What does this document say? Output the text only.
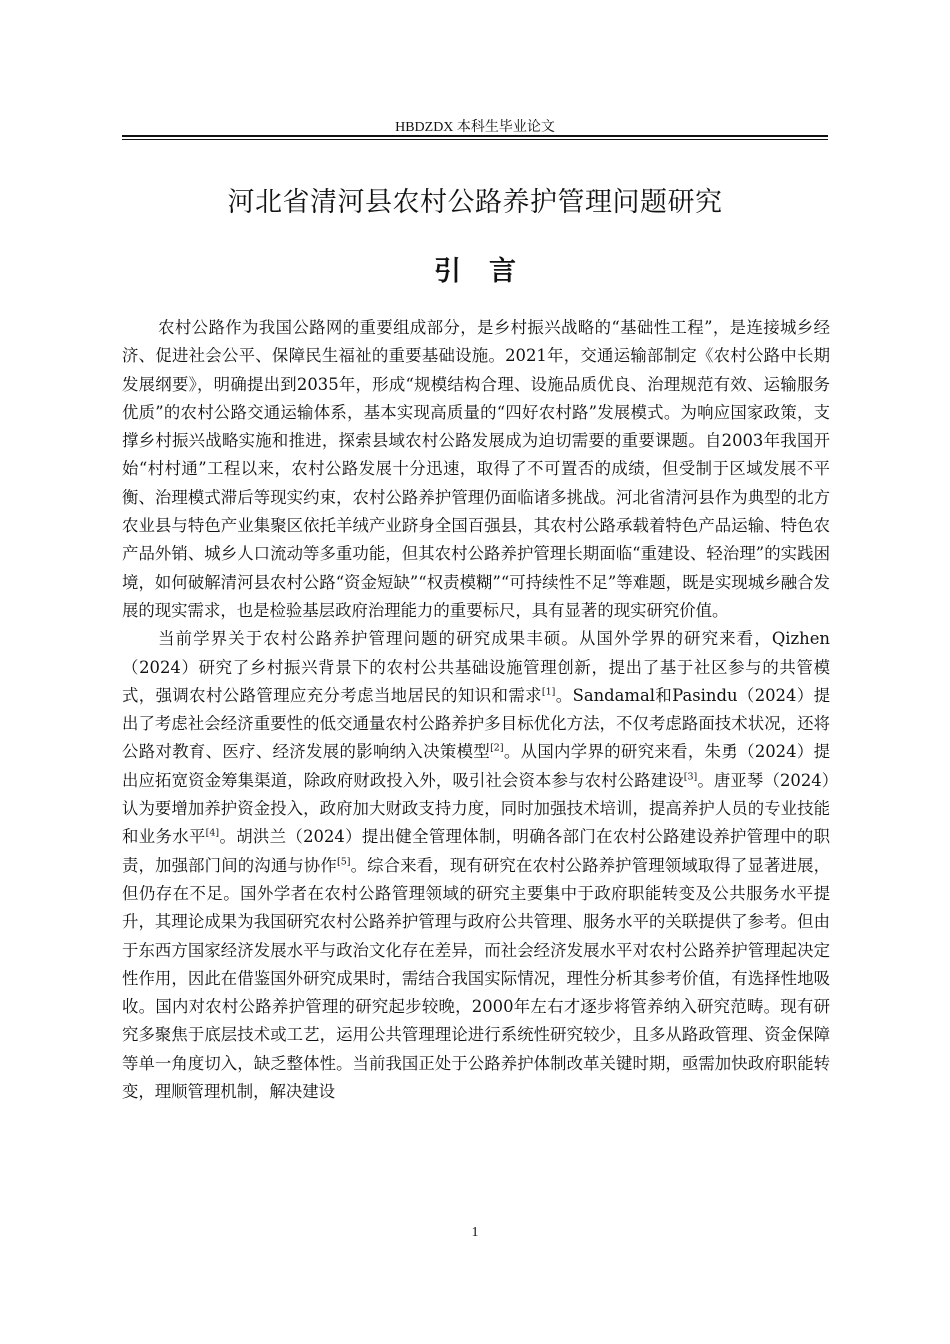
HBDZDX 本科生毕业论文
河北省清河县农村公路养护管理问题研究
引言

农村公路作为我国公路网的重要组成部分，是乡村振兴战略的“基础性工程”，是连接城乡经济、促进社会公平、保障民生福祉的重要基础设施。2021年，交通运输部制定《农村公路中长期发展纲要》，明确提出到2035年，形成“规模结构合理、设施品质优良、治理规范有效、运输服务优质”的农村公路交通运输体系，基本实现高质量的“四好农村路”发展模式。为响应国家政策，支撑乡村振兴战略实施和推进，探索县域农村公路发展成为迫切需要的重要课题。自2003年我国开始“村村通”工程以来，农村公路发展十分迅速，取得了不可置否的成绩，但受制于区域发展不平衡、治理模式滞后等现实约束，农村公路养护管理仍面临诸多挑战。河北省清河县作为典型的北方农业县与特色产业集聚区依托羊绒产业跻身全国百强县，其农村公路承载着特色产品运输、特色农产品外销、城乡人口流动等多重功能，但其农村公路养护管理长期面临“重建设、轻治理”的实践困境，如何破解清河县农村公路“资金短缺”“权责模糊”“可持续性不足”等难题，既是实现城乡融合发展的现实需求，也是检验基层政府治理能力的重要标尺，具有显著的现实研究价值。

当前学界关于农村公路养护管理问题的研究成果丰硕。从国外学界的研究来看，Qizhen（2024）研究了乡村振兴背景下的农村公共基础设施管理创新，提出了基于社区参与的共管模式，强调农村公路管理应充分考虑当地居民的知识和需求[1]。Sandamal和Pasindu（2024）提出了考虑社会经济重要性的低交通量农村公路养护多目标优化方法，不仅考虑路面技术状况，还将公路对教育、医疗、经济发展的影响纳入决策模型[2]。从国内学界的研究来看，朱勇（2024）提出应拓宽资金筹集渠道，除政府财政投入外，吸引社会资本参与农村公路建设[3]。唐亚琴（2024）认为要增加养护资金投入，政府加大财政支持力度，同时加强技术培训，提高养护人员的专业技能和业务水平[4]。胡洪兰（2024）提出健全管理体制，明确各部门在农村公路建设养护管理中的职责，加强部门间的沟通与协作[5]。综合来看，现有研究在农村公路养护管理领域取得了显著进展，但仍存在不足。国外学者在农村公路管理领域的研究主要集中于政府职能转变及公共服务水平提升，其理论成果为我国研究农村公路养护管理与政府公共管理、服务水平的关联提供了参考。但由于东西方国家经济发展水平与政治文化存在差异，而社会经济发展水平对农村公路养护管理起决定性作用，因此在借鉴国外研究成果时，需结合我国实际情况，理性分析其参考价值，有选择性地吸收。国内对农村公路养护管理的研究起步较晚，2000年左右才逐步将管养纳入研究范畴。现有研究多聚焦于底层技术或工艺，运用公共管理理论进行系统性研究较少，且多从路政管理、资金保障等单一角度切入，缺乏整体性。当前我国正处于公路养护体制改革关键时期，亟需加快政府职能转变，理顺管理机制，解决建设

1
